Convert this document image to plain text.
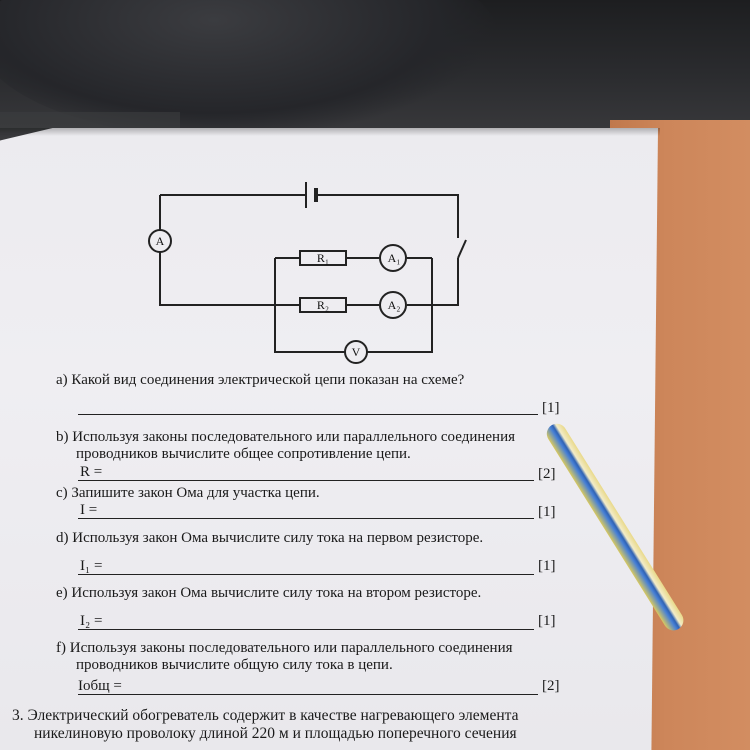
A
R₁
R₂
A₁
A₂
V
a) Какой вид соединения электрической цепи показан на схеме?
[1]
b) Используя законы последовательного или параллельного соединения
проводников вычислите общее сопротивление цепи.
R =	[2]
c) Запишите закон Ома для участка цепи.
I =	[1]
d) Используя закон Ома вычислите силу тока на первом резисторе.
I₁ =	[1]
e) Используя закон Ома вычислите силу тока на втором резисторе.
I₂ =	[1]
f) Используя законы последовательного или параллельного соединения
проводников вычислите общую силу тока в цепи.
Iобщ =	[2]
3. Электрический обогреватель содержит в качестве нагревающего элемента
никелиновую проволоку длиной 220 м и площадью поперечного сечения
